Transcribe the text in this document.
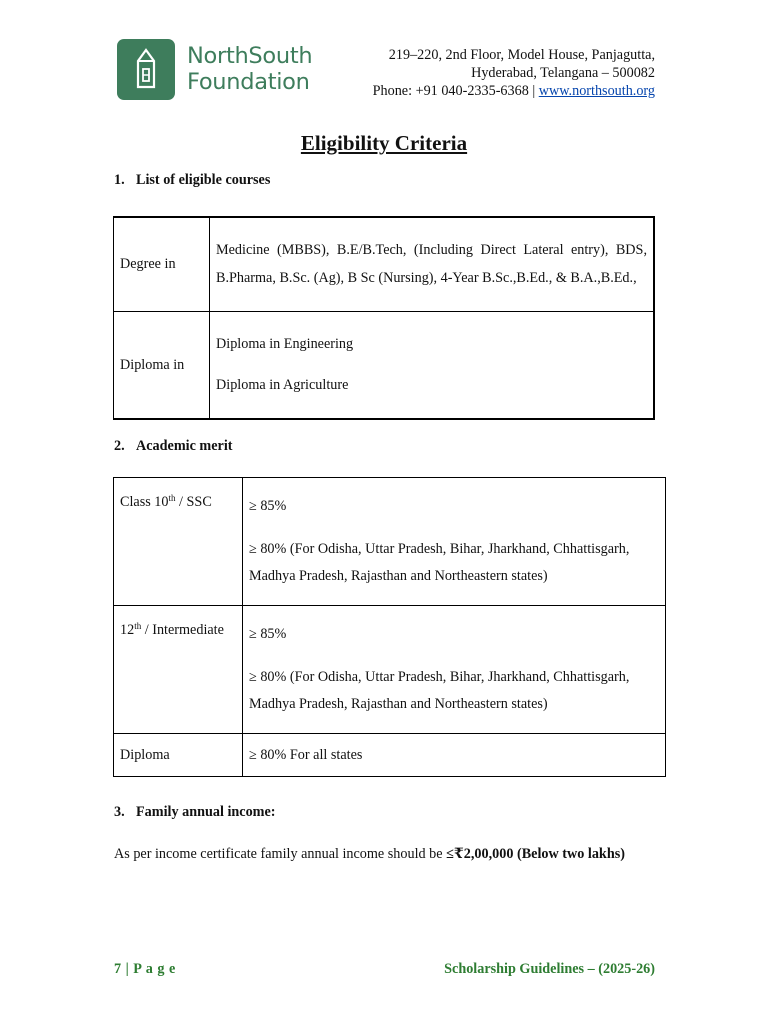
NorthSouth
Foundation
219–220, 2nd Floor, Model House, Panjagutta,
Hyderabad, Telangana – 500082
Phone: +91 040-2335-6368 | www.northsouth.org
Eligibility Criteria
1. List of eligible courses
Degree in	Medicine (MBBS), B.E/B.Tech, (Including Direct Lateral entry), BDS, B.Pharma, B.Sc. (Ag), B Sc (Nursing), 4-Year B.Sc.,B.Ed., & B.A.,B.Ed.,

Diploma in	Diploma in Engineering

Diploma in Agriculture

2. Academic merit
Class 10th / SSC	≥ 85%

≥ 80% (For Odisha, Uttar Pradesh, Bihar, Jharkhand, Chhattisgarh,

Madhya Pradesh, Rajasthan and Northeastern states)

12th / Intermediate	≥ 85%

≥ 80% (For Odisha, Uttar Pradesh, Bihar, Jharkhand, Chhattisgarh,

Madhya Pradesh, Rajasthan and Northeastern states)

Diploma	≥ 80% For all states

3. Family annual income:
As per income certificate family annual income should be ≤₹2,00,000 (Below two lakhs)
7 | P a g e	Scholarship Guidelines – (2025-26)
